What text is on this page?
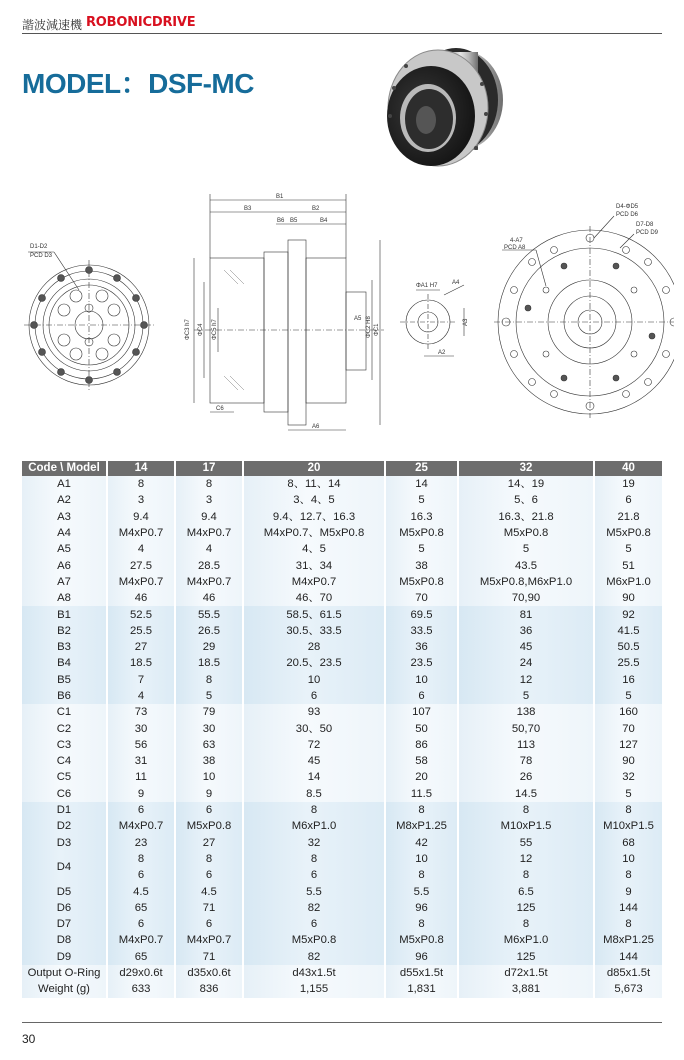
諧波減速機 ROBONICDRIVE
MODEL：DSF-MC
D1-D2
PCD D3
B1
B3	B2
B6 B5	B4
ΦC3 h7 ΦC4 ΦC5 h7	ΦC2 H8 ΦC1
A5
C6
A6
ΦA1 H7 A4
A3
A2
D4-ΦD5
PCD D6
D7-D8
PCD D9
4-A7
PCD A8
Code \ Model	14	17	20	25	32	40
A1	8	8	8、11、14	14	14、19	19
A2	3	3	3、4、5	5	5、6	6
A3	9.4	9.4	9.4、12.7、16.3	16.3	16.3、21.8	21.8
A4	M4xP0.7	M4xP0.7	M4xP0.7、M5xP0.8	M5xP0.8	M5xP0.8	M5xP0.8
A5	4	4	4、5	5	5	5
A6	27.5	28.5	31、34	38	43.5	51
A7	M4xP0.7	M4xP0.7	M4xP0.7	M5xP0.8	M5xP0.8,M6xP1.0	M6xP1.0
A8	46	46	46、70	70	70,90	90
B1	52.5	55.5	58.5、61.5	69.5	81	92
B2	25.5	26.5	30.5、33.5	33.5	36	41.5
B3	27	29	28	36	45	50.5
B4	18.5	18.5	20.5、23.5	23.5	24	25.5
B5	7	8	10	10	12	16
B6	4	5	6	6	5	5
C1	73	79	93	107	138	160
C2	30	30	30、50	50	50,70	70
C3	56	63	72	86	113	127
C4	31	38	45	58	78	90
C5	11	10	14	20	26	32
C6	9	9	8.5	11.5	14.5	5
D1	6	6	8	8	8	8
D2	M4xP0.7	M5xP0.8	M6xP1.0	M8xP1.25	M10xP1.5	M10xP1.5
D3	23	27	32	42	55	68
D4	8	8	8	10	12	10
	6	6	6	8	8	8
D5	4.5	4.5	5.5	5.5	6.5	9
D6	65	71	82	96	125	144
D7	6	6	6	8	8	8
D8	M4xP0.7	M4xP0.7	M5xP0.8	M5xP0.8	M6xP1.0	M8xP1.25
D9	65	71	82	96	125	144
Output O-Ring	d29x0.6t	d35x0.6t	d43x1.5t	d55x1.5t	d72x1.5t	d85x1.5t
Weight (g)	633	836	1,155	1,831	3,881	5,673
30
